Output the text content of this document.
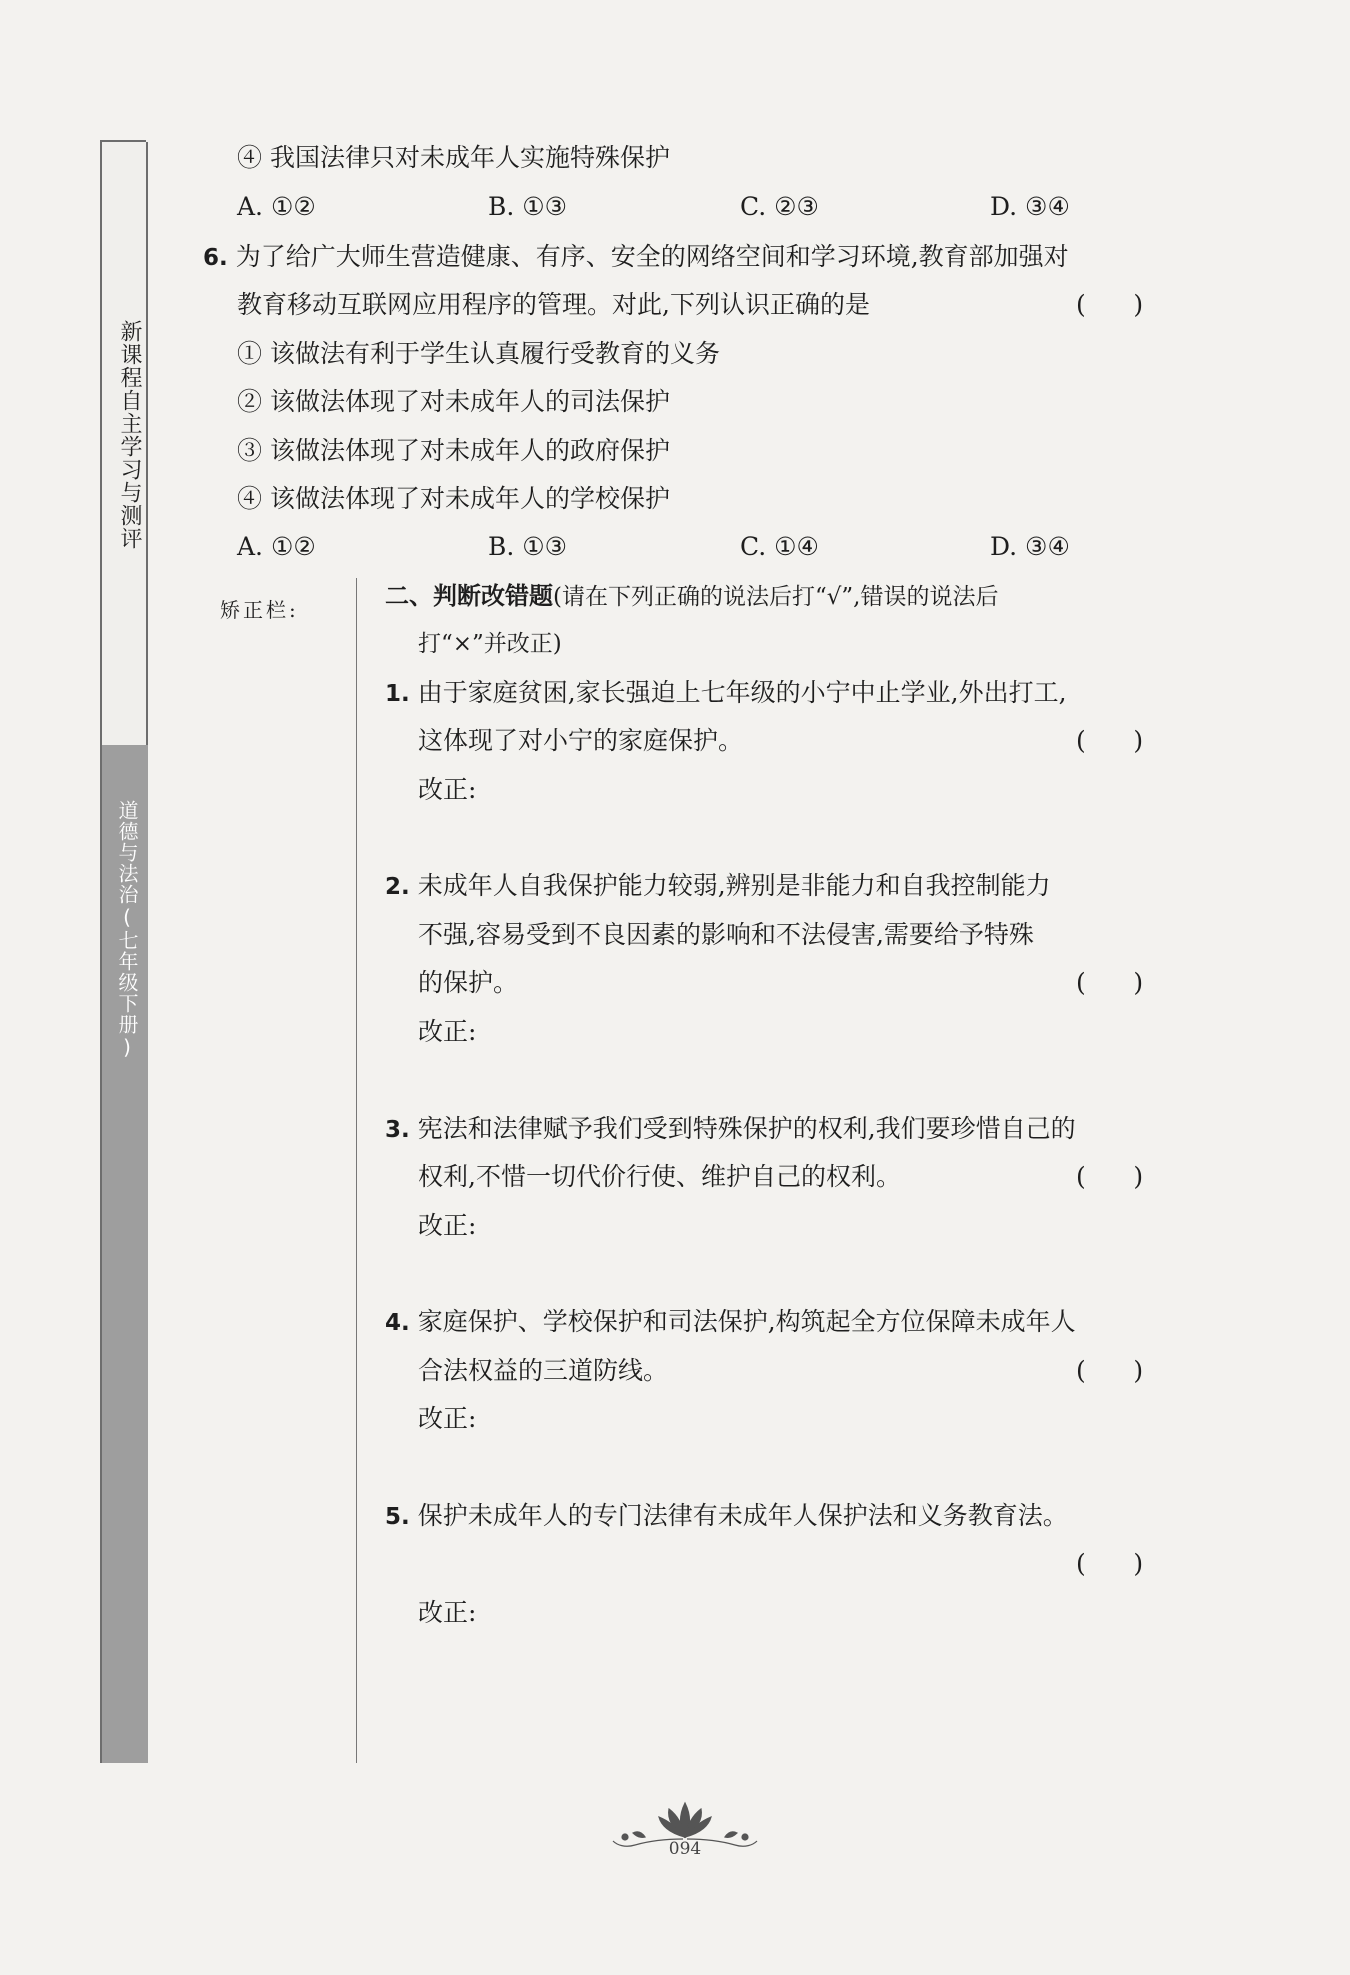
新课程自主学习与测评
道德与法治(七年级下册)
矫正栏:
④ 我国法律只对未成年人实施特殊保护
A. ①②	B. ①③	C. ②③	D. ③④
6. 为了给广大师生营造健康、有序、安全的网络空间和学习环境,教育部加强对
教育移动互联网应用程序的管理。对此,下列认识正确的是	(      )
① 该做法有利于学生认真履行受教育的义务
② 该做法体现了对未成年人的司法保护
③ 该做法体现了对未成年人的政府保护
④ 该做法体现了对未成年人的学校保护
A. ①②	B. ①③	C. ①④	D. ③④
二、判断改错题(请在下列正确的说法后打“√”,错误的说法后
打“×”并改正)
1. 由于家庭贫困,家长强迫上七年级的小宁中止学业,外出打工,
这体现了对小宁的家庭保护。	(      )
改正:
2. 未成年人自我保护能力较弱,辨别是非能力和自我控制能力
不强,容易受到不良因素的影响和不法侵害,需要给予特殊
的保护。	(      )
改正:
3. 宪法和法律赋予我们受到特殊保护的权利,我们要珍惜自己的
权利,不惜一切代价行使、维护自己的权利。	(      )
改正:
4. 家庭保护、学校保护和司法保护,构筑起全方位保障未成年人
合法权益的三道防线。	(      )
改正:
5. 保护未成年人的专门法律有未成年人保护法和义务教育法。
(      )
改正:
094
